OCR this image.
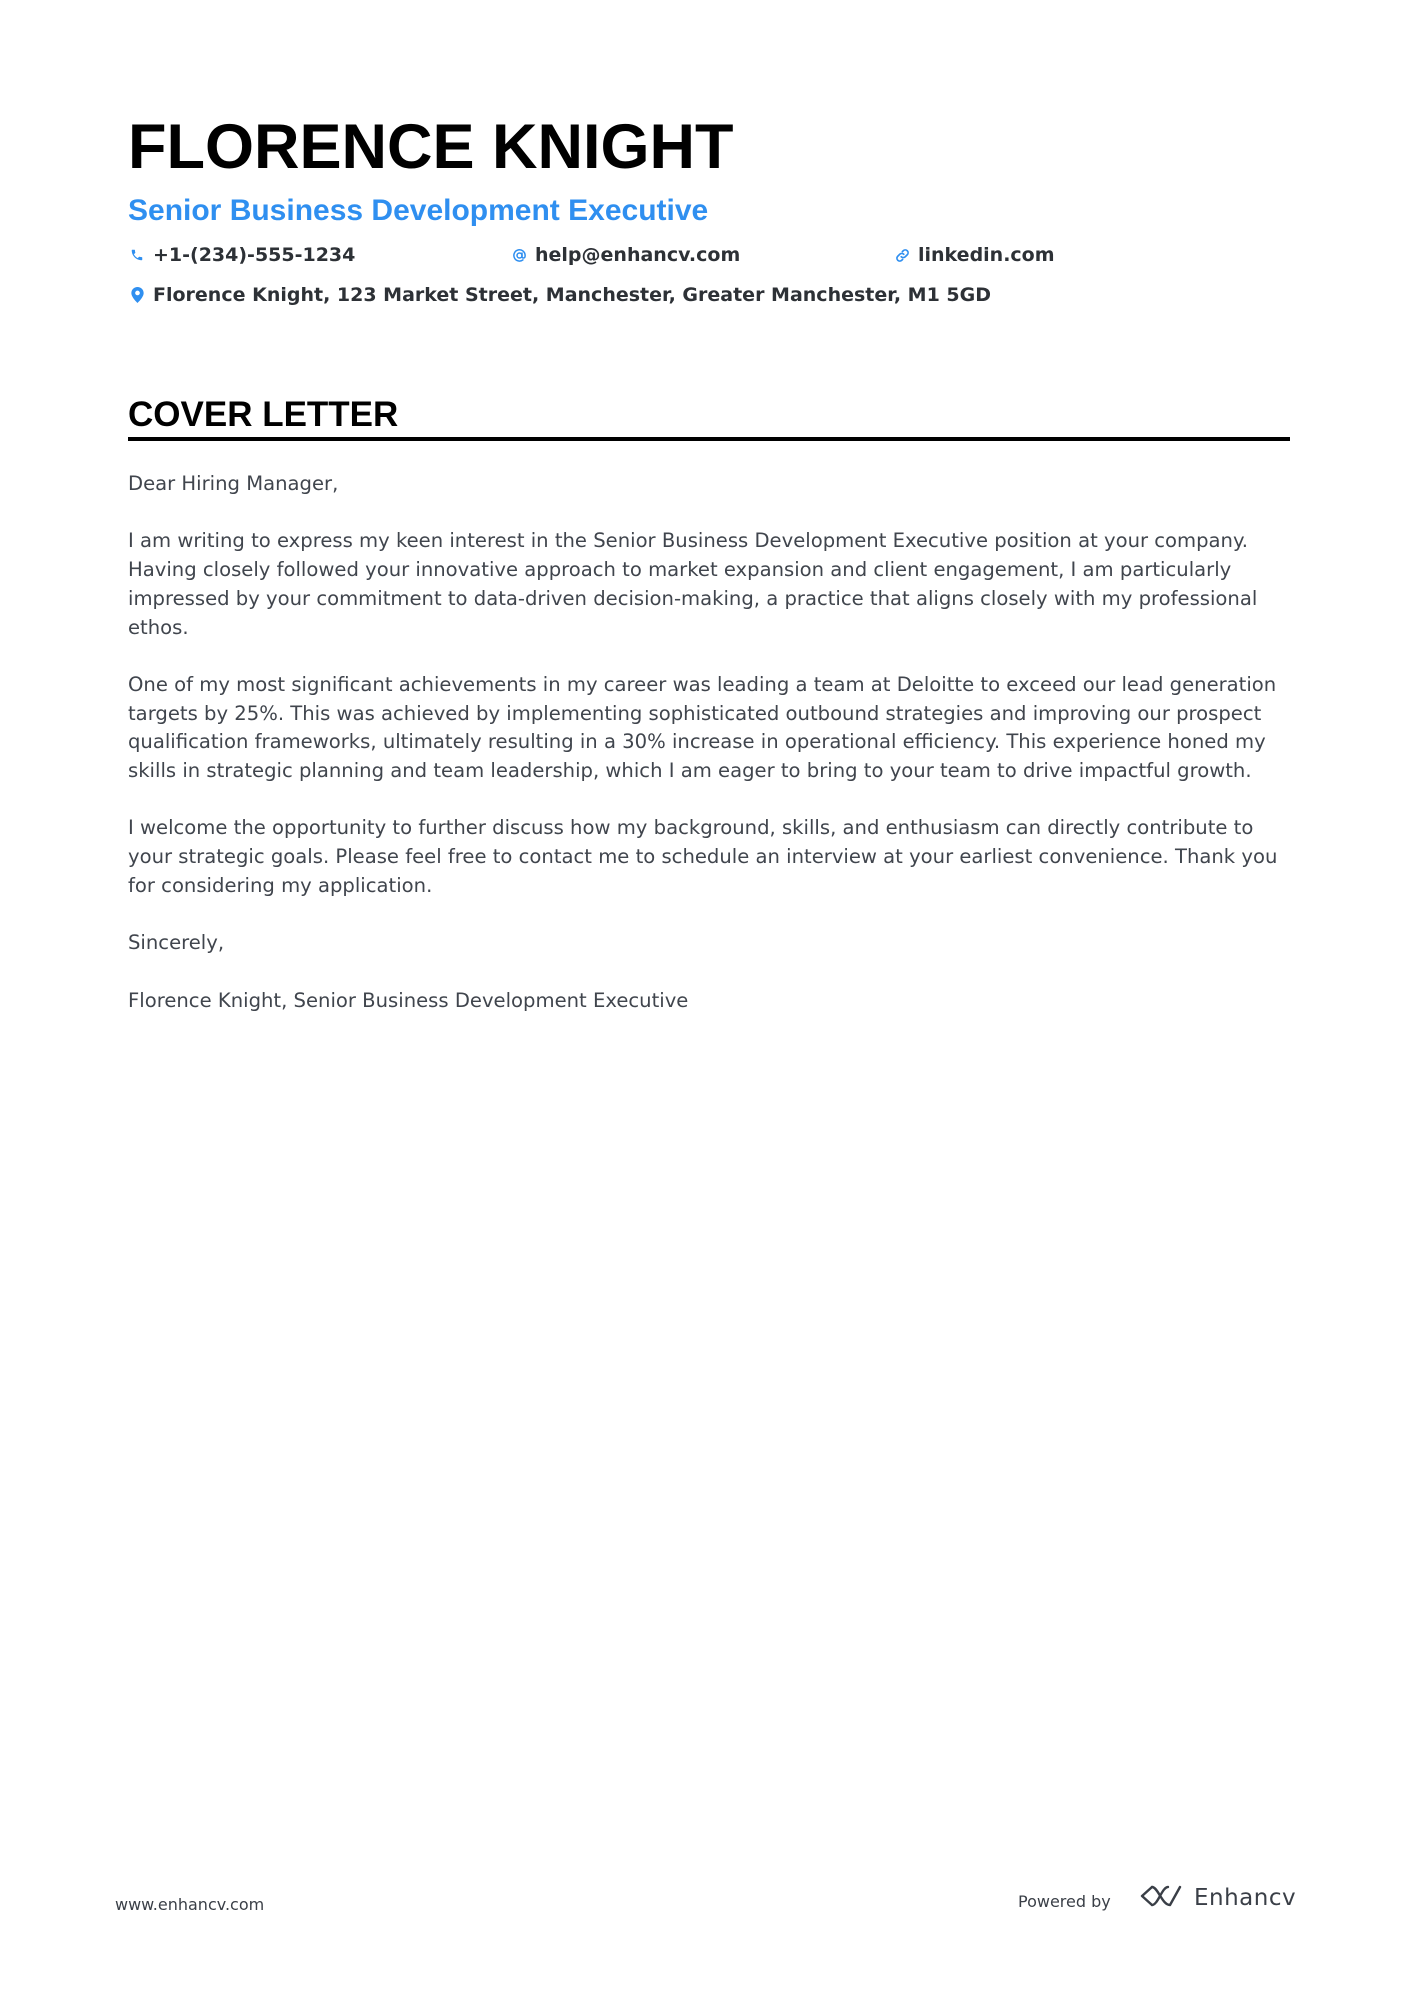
FLORENCE KNIGHT
Senior Business Development Executive
+1-(234)-555-1234	help@enhancv.com	linkedin.com
Florence Knight, 123 Market Street, Manchester, Greater Manchester, M1 5GD
COVER LETTER

Dear Hiring Manager,

I am writing to express my keen interest in the Senior Business Development Executive position at your company. Having closely followed your innovative approach to market expansion and client engagement, I am particularly impressed by your commitment to data-driven decision-making, a practice that aligns closely with my professional ethos.

One of my most significant achievements in my career was leading a team at Deloitte to exceed our lead generation targets by 25%. This was achieved by implementing sophisticated outbound strategies and improving our prospect qualification frameworks, ultimately resulting in a 30% increase in operational efficiency. This experience honed my skills in strategic planning and team leadership, which I am eager to bring to your team to drive impactful growth.

I welcome the opportunity to further discuss how my background, skills, and enthusiasm can directly contribute to your strategic goals. Please feel free to contact me to schedule an interview at your earliest convenience. Thank you for considering my application.

Sincerely,

Florence Knight, Senior Business Development Executive

www.enhancv.com	Powered by	Enhancv
